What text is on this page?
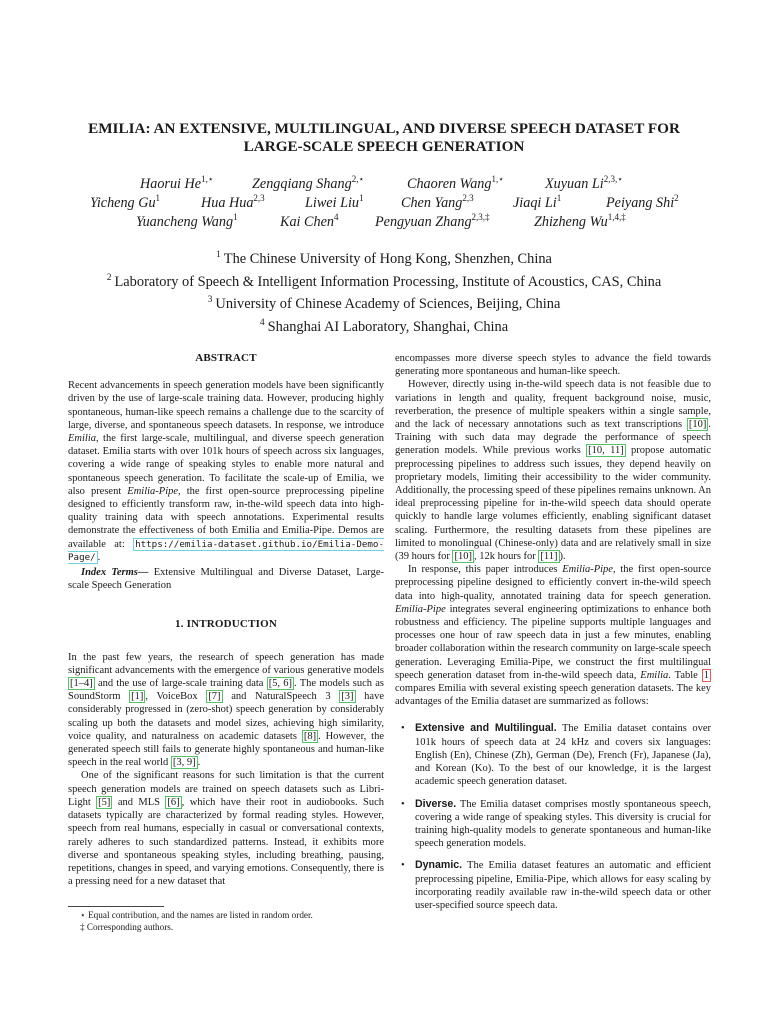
EMILIA: AN EXTENSIVE, MULTILINGUAL, AND DIVERSE SPEECH DATASET FOR
LARGE-SCALE SPEECH GENERATION
Haorui $He^{1,⋆}$	Zengqiang Shang$^{2,⋆}$	Chaoren Wang$^{1,⋆}$	Xuyuan $Li^{2,3,⋆}$
Yicheng Gu$^1$	Hua Hua$^{2,3}$	Liwei Liu$^1$	Chen Yang$^{2,3}$	Jiaqi Li$^1$	Peiyang Shi$^2$
Yuancheng Wang$^1$	Kai Chen$^4$	Pengyuan Zhang$^{2,3,\ddagger}$	Zhizheng $Wu^{1,4,\ddagger}$
$^1$ The Chinese University of Hong Kong, Shenzhen, China
$^2$ Laboratory of Speech & Intelligent Information Processing, Institute of Acoustics, CAS, China
$^3$ University of Chinese Academy of Sciences, Beijing, China
$^4$ Shanghai AI Laboratory, Shanghai, China
ABSTRACT

Recent advancements in speech generation models have been significantly driven by the use of large-scale training data. However, producing highly spontaneous, human-like speech remains a challenge due to the scarcity of large, diverse, and spontaneous speech datasets. In response, we introduce Emilia, the first large-scale, multilingual, and diverse speech generation dataset. Emilia starts with over 101k hours of speech across six languages, covering a wide range of speaking styles to enable more natural and spontaneous speech generation. To facilitate the scale-up of Emilia, we also present Emilia-Pipe, the first open-source preprocessing pipeline designed to efficiently transform raw, in-the-wild speech data into high-quality training data with speech annotations. Experimental results demonstrate the effectiveness of both Emilia and Emilia-Pipe. Demos are available at: https://emilia-dataset.github.io/Emilia-Demo-Page/ .

Index Terms— Extensive Multilingual and Diverse Dataset, Large-scale Speech Generation

1. INTRODUCTION

In the past few years, the research of speech generation has made significant advancements with the emergence of various generative models [1–4] and the use of large-scale training data [5, 6] . The models such as SoundStorm [1] , VoiceBox [7] and NaturalSpeech 3 [3] have considerably progressed in (zero-shot) speech generation by considerably scaling up both the datasets and model sizes, achieving high similarity, voice quality, and naturalness on academic datasets [8] . However, the generated speech still fails to generate highly spontaneous and human-like speech in the real world [3, 9] .

One of the significant reasons for such limitation is that the current speech generation models are trained on speech datasets such as Libri-Light [5] and MLS [6] , which have their root in audiobooks. Such datasets typically are characterized by formal reading styles. However, speech from real humans, especially in casual or conversational contexts, rarely adheres to such standardized patterns. Instead, it exhibits more diverse and spontaneous speaking styles, including breathing, pausing, repetitions, changes in speed, and varying emotions. Consequently, there is a pressing need for a new dataset that

encompasses more diverse speech styles to advance the field towards generating more spontaneous and human-like speech.

However, directly using in-the-wild speech data is not feasible due to variations in length and quality, frequent background noise, music, reverberation, the presence of multiple speakers within a single sample, and the lack of necessary annotations such as text transcriptions [10] . Training with such data may degrade the performance of speech generation models. While previous works [10, 11] propose automatic preprocessing pipelines to address such issues, they depend heavily on proprietary models, limiting their accessibility to the wider community. Additionally, the processing speed of these pipelines remains unknown. An ideal preprocessing pipeline for in-the-wild speech data should operate quickly to handle large volumes efficiently, enabling significant dataset scaling. Furthermore, the resulting datasets from these pipelines are limited to monolingual (Chinese-only) data and are relatively small in size (39 hours for [10] , 12k hours for [11] ).

In response, this paper introduces Emilia-Pipe, the first open-source preprocessing pipeline designed to efficiently convert in-the-wild speech data into high-quality, annotated training data for speech generation. Emilia-Pipe integrates several engineering optimizations to enhance both robustness and efficiency. The pipeline supports multiple languages and processes one hour of raw speech data in just a few minutes, enabling broader collaboration within the research community on large-scale speech generation. Leveraging Emilia-Pipe, we construct the first multilingual speech generation dataset from in-the-wild speech data, Emilia. Table 1 compares Emilia with several existing speech generation datasets. The key advantages of the Emilia dataset are summarized as follows:

• Extensive and Multilingual. The Emilia dataset contains over 101k hours of speech data at 24 kHz and covers six languages: English (En), Chinese (Zh), German (De), French (Fr), Japanese (Ja), and Korean (Ko). To the best of our knowledge, it is the largest academic speech generation dataset.
• Diverse. The Emilia dataset comprises mostly spontaneous speech, covering a wide range of speaking styles. This diversity is crucial for training high-quality models to generate spontaneous and human-like speech generation models.
• Dynamic. The Emilia dataset features an automatic and efficient preprocessing pipeline, Emilia-Pipe, which allows for easy scaling by incorporating readily available raw in-the-wild speech data or other user-specified source speech data.
⋆ Equal contribution, and the names are listed in random order.
‡ Corresponding authors.
